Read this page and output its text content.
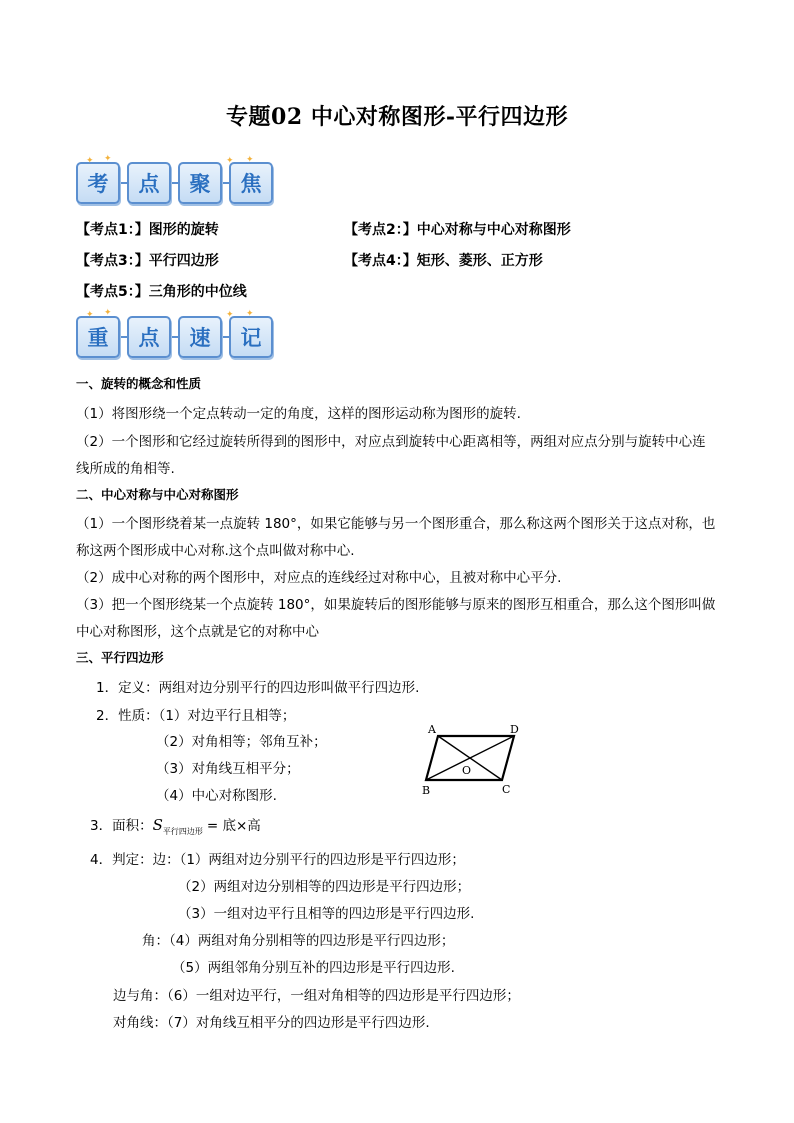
专题02 中心对称图形-平行四边形
考	点	聚	焦
✦ ✦	✦ ✦
【考点1：】图形的旋转	【考点2：】中心对称与中心对称图形
【考点3：】平行四边形	【考点4：】矩形、菱形、正方形
【考点5：】三角形的中位线
重	点	速	记
✦ ✦	✦ ✦
一、旋转的概念和性质
（1）将图形绕一个定点转动一定的角度，这样的图形运动称为图形的旋转.
（2）一个图形和它经过旋转所得到的图形中，对应点到旋转中心距离相等，两组对应点分别与旋转中心连
线所成的角相等.
二、中心对称与中心对称图形
（1）一个图形绕着某一点旋转 180°，如果它能够与另一个图形重合，那么称这两个图形关于这点对称，也
称这两个图形成中心对称.这个点叫做对称中心.
（2）成中心对称的两个图形中，对应点的连线经过对称中心，且被对称中心平分.
（3）把一个图形绕某一个点旋转 180°，如果旋转后的图形能够与原来的图形互相重合，那么这个图形叫做
中心对称图形，这个点就是它的对称中心
三、平行四边形
1．定义：两组对边分别平行的四边形叫做平行四边形.
2．性质：（1）对边平行且相等；
（2）对角相等；邻角互补；
（3）对角线互相平分；
（4）中心对称图形.
A	D
B	C
O
3．面积：$S_{平行四边形}$ = 底×高
4．判定：边：（1）两组对边分别平行的四边形是平行四边形；
（2）两组对边分别相等的四边形是平行四边形；
（3）一组对边平行且相等的四边形是平行四边形.
角：（4）两组对角分别相等的四边形是平行四边形；
（5）两组邻角分别互补的四边形是平行四边形.
边与角：（6）一组对边平行，一组对角相等的四边形是平行四边形；
对角线：（7）对角线互相平分的四边形是平行四边形.
